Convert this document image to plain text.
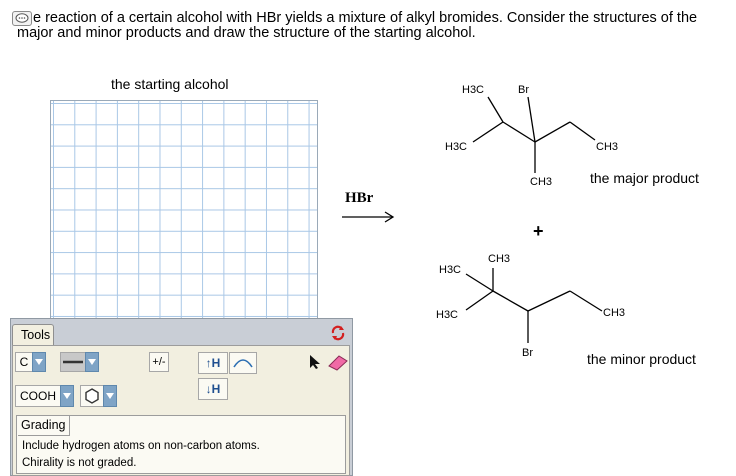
e reaction of a certain alcohol with HBr yields a mixture of alkyl bromides. Consider the structures of the
major and minor products and draw the structure of the starting alcohol.
the starting alcohol
Tools
C	+/-	↑H
↓H
COOH
Grading
Include hydrogen atoms on non-carbon atoms.
Chirality is not graded.
HBr
H3C	Br
H3C
CH3
CH3
the major product
+
CH3
H3C
H3C	CH3
Br	the minor product
